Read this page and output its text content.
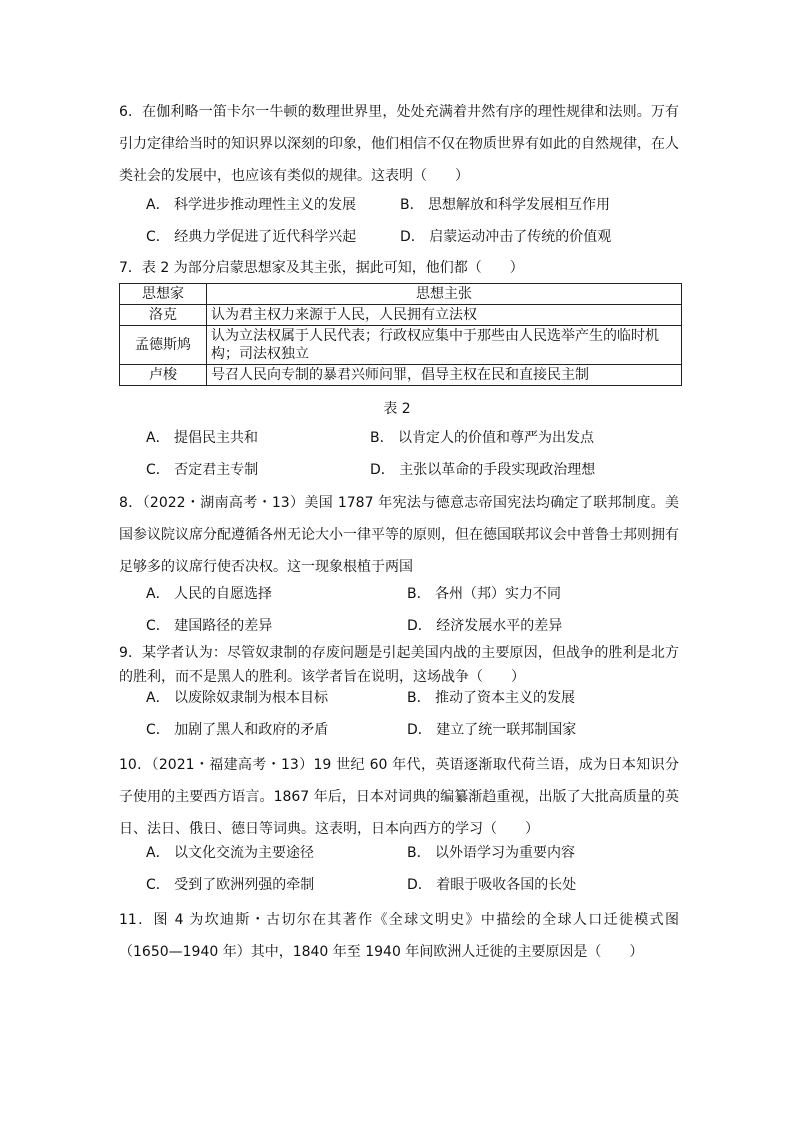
6．在伽利略一笛卡尔一牛顿的数理世界里，处处充满着井然有序的理性规律和法则。万有引力定律给当时的知识界以深刻的印象，他们相信不仅在物质世界有如此的自然规律，在人类社会的发展中，也应该有类似的规律。这表明（　　）

A． 科学进步推动理性主义的发展	B． 思想解放和科学发展相互作用
C． 经典力学促进了近代科学兴起	D． 启蒙运动冲击了传统的价值观

7．表 2 为部分启蒙思想家及其主张，据此可知，他们都（　　）

思想家	思想主张
洛克	认为君主权力来源于人民，人民拥有立法权
孟德斯鸠	认为立法权属于人民代表；行政权应集中于那些由人民选举产生的临时机构；司法权独立
卢梭	号召人民向专制的暴君兴师问罪，倡导主权在民和直接民主制
表 2
A． 提倡民主共和	B． 以肯定人的价值和尊严为出发点
C． 否定君主专制	D． 主张以革命的手段实现政治理想

8．（2022・湖南高考・13）美国 1787 年宪法与德意志帝国宪法均确定了联邦制度。美国参议院议席分配遵循各州无论大小一律平等的原则，但在德国联邦议会中普鲁士邦则拥有足够多的议席行使否决权。这一现象根植于两国

A． 人民的自愿选择	B． 各州（邦）实力不同
C． 建国路径的差异	D． 经济发展水平的差异

9．某学者认为：尽管奴隶制的存废问题是引起美国内战的主要原因，但战争的胜利是北方的胜利，而不是黑人的胜利。该学者旨在说明，这场战争（　　）

A． 以废除奴隶制为根本目标	B． 推动了资本主义的发展
C． 加剧了黑人和政府的矛盾	D． 建立了统一联邦制国家

10．（2021・福建高考・13）19 世纪 60 年代，英语逐渐取代荷兰语，成为日本知识分子使用的主要西方语言。1867 年后，日本对词典的编纂渐趋重视，出版了大批高质量的英日、法日、俄日、德日等词典。这表明，日本向西方的学习（　　）

A． 以文化交流为主要途径	B． 以外语学习为重要内容
C． 受到了欧洲列强的牵制	D． 着眼于吸收各国的长处

11．图 4 为坎迪斯・古切尔在其著作《全球文明史》中描绘的全球人口迁徙模式图（1650—1940 年）其中，1840 年至 1940 年间欧洲人迁徙的主要原因是（　　）
